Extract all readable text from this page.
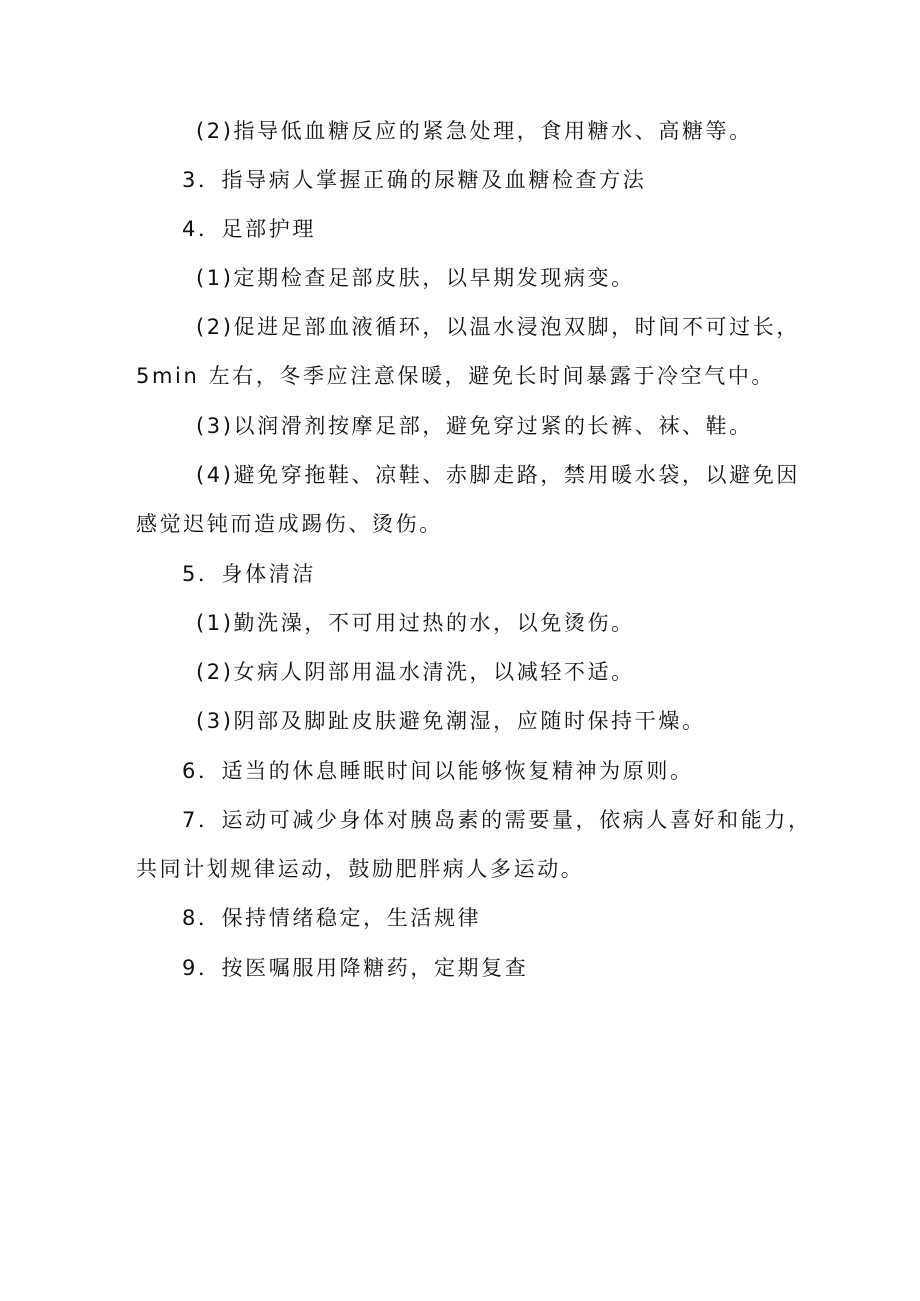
(2)指导低血糖反应的紧急处理，食用糖水、高糖等。
3．指导病人掌握正确的尿糖及血糖检查方法
4．足部护理
(1)定期检查足部皮肤，以早期发现病变。
(2)促进足部血液循环，以温水浸泡双脚，时间不可过长，
5min 左右，冬季应注意保暖，避免长时间暴露于冷空气中。
(3)以润滑剂按摩足部，避免穿过紧的长裤、袜、鞋。
(4)避免穿拖鞋、凉鞋、赤脚走路，禁用暖水袋，以避免因
感觉迟钝而造成踢伤、烫伤。
5．身体清洁
(1)勤洗澡，不可用过热的水，以免烫伤。
(2)女病人阴部用温水清洗，以减轻不适。
(3)阴部及脚趾皮肤避免潮湿，应随时保持干燥。
6．适当的休息睡眠时间以能够恢复精神为原则。
7．运动可减少身体对胰岛素的需要量，依病人喜好和能力，
共同计划规律运动，鼓励肥胖病人多运动。
8．保持情绪稳定，生活规律
9．按医嘱服用降糖药，定期复查
